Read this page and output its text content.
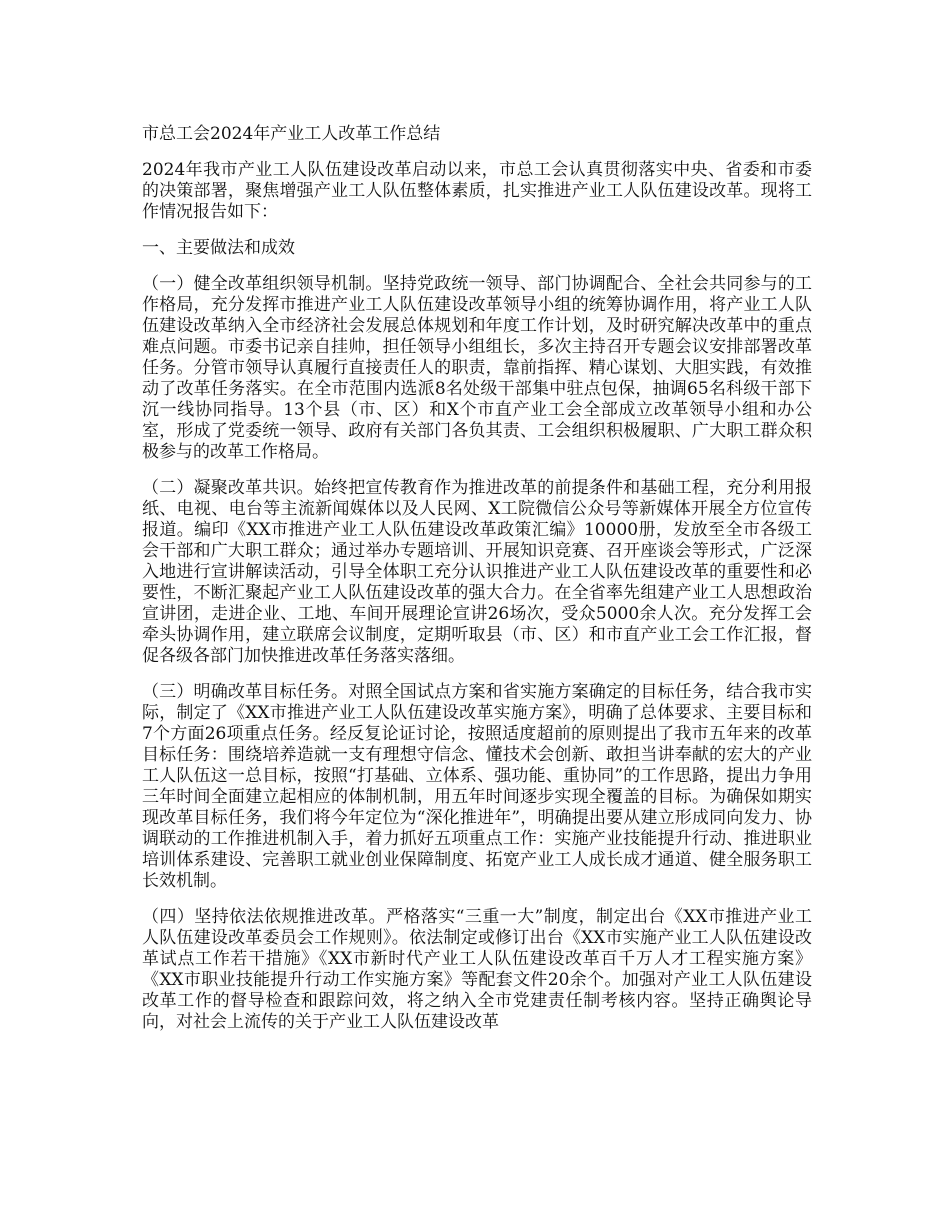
市总工会2024年产业工人改革工作总结
2024年我市产业工人队伍建设改革启动以来，市总工会认真贯彻落实中央、省委和市委的决策部署，聚焦增强产业工人队伍整体素质，扎实推进产业工人队伍建设改革。现将工作情况报告如下：
一、主要做法和成效
（一）健全改革组织领导机制。坚持党政统一领导、部门协调配合、全社会共同参与的工作格局，充分发挥市推进产业工人队伍建设改革领导小组的统筹协调作用，将产业工人队伍建设改革纳入全市经济社会发展总体规划和年度工作计划，及时研究解决改革中的重点难点问题。市委书记亲自挂帅，担任领导小组组长，多次主持召开专题会议安排部署改革任务。分管市领导认真履行直接责任人的职责，靠前指挥、精心谋划、大胆实践，有效推动了改革任务落实。在全市范围内选派8名处级干部集中驻点包保，抽调65名科级干部下沉一线协同指导。13个县（市、区）和X个市直产业工会全部成立改革领导小组和办公室，形成了党委统一领导、政府有关部门各负其责、工会组织积极履职、广大职工群众积极参与的改革工作格局。
（二）凝聚改革共识。始终把宣传教育作为推进改革的前提条件和基础工程，充分利用报纸、电视、电台等主流新闻媒体以及人民网、X工院微信公众号等新媒体开展全方位宣传报道。编印《XX市推进产业工人队伍建设改革政策汇编》10000册，发放至全市各级工会干部和广大职工群众；通过举办专题培训、开展知识竞赛、召开座谈会等形式，广泛深入地进行宣讲解读活动，引导全体职工充分认识推进产业工人队伍建设改革的重要性和必要性，不断汇聚起产业工人队伍建设改革的强大合力。在全省率先组建产业工人思想政治宣讲团，走进企业、工地、车间开展理论宣讲26场次，受众5000余人次。充分发挥工会牵头协调作用，建立联席会议制度，定期听取县（市、区）和市直产业工会工作汇报，督促各级各部门加快推进改革任务落实落细。
（三）明确改革目标任务。对照全国试点方案和省实施方案确定的目标任务，结合我市实际，制定了《XX市推进产业工人队伍建设改革实施方案》，明确了总体要求、主要目标和7个方面26项重点任务。经反复论证讨论，按照适度超前的原则提出了我市五年来的改革目标任务：围绕培养造就一支有理想守信念、懂技术会创新、敢担当讲奉献的宏大的产业工人队伍这一总目标，按照“打基础、立体系、强功能、重协同”的工作思路，提出力争用三年时间全面建立起相应的体制机制，用五年时间逐步实现全覆盖的目标。为确保如期实现改革目标任务，我们将今年定位为“深化推进年”，明确提出要从建立形成同向发力、协调联动的工作推进机制入手，着力抓好五项重点工作：实施产业技能提升行动、推进职业培训体系建设、完善职工就业创业保障制度、拓宽产业工人成长成才通道、健全服务职工长效机制。
（四）坚持依法依规推进改革。严格落实“三重一大”制度，制定出台《XX市推进产业工人队伍建设改革委员会工作规则》。依法制定或修订出台《XX市实施产业工人队伍建设改革试点工作若干措施》《XX市新时代产业工人队伍建设改革百千万人才工程实施方案》《XX市职业技能提升行动工作实施方案》等配套文件20余个。加强对产业工人队伍建设改革工作的督导检查和跟踪问效，将之纳入全市党建责任制考核内容。坚持正确舆论导向，对社会上流传的关于产业工人队伍建设改革
